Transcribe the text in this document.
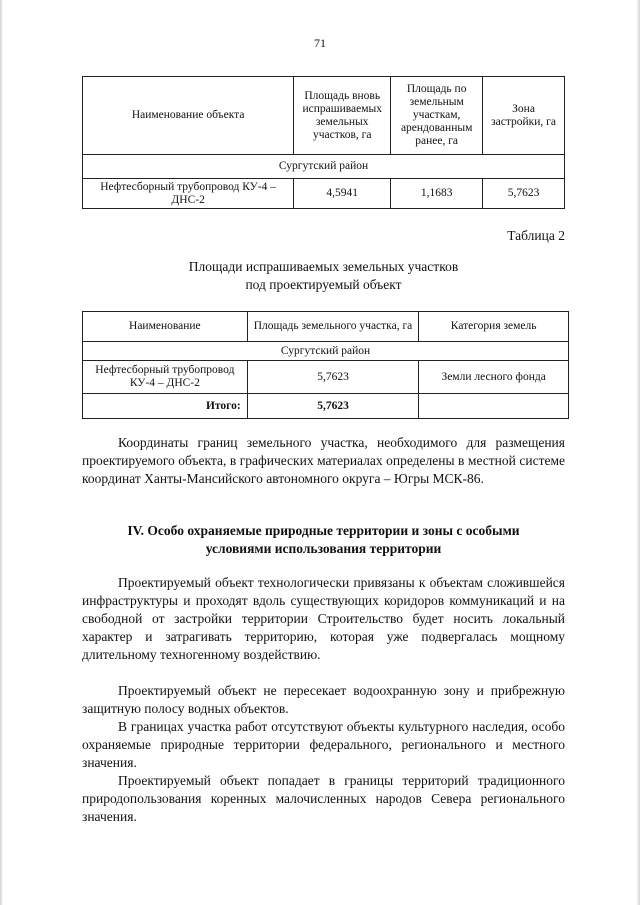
71
Наименование объекта	Площадь вновь испрашиваемых земельных участков, га	Площадь по земельным участкам, арендованным ранее, га	Зона застройки, га
Сургутский район			
Нефтесборный трубопровод КУ-4 – ДНС-2	4,5941	1,1683	5,7623
Таблица 2
Площади испрашиваемых земельных участков
под проектируемый объект
Наименование	Площадь земельного участка, га	Категория земель
Сургутский район		
Нефтесборный трубопровод КУ-4 – ДНС-2	5,7623	Земли лесного фонда
Итого:	5,7623	

Координаты границ земельного участка, необходимого для размещения проектируемого объекта, в графических материалах определены в местной системе координат Ханты-Мансийского автономного округа – Югры МСК-86.

IV. Особо охраняемые природные территории и зоны с особыми
условиями использования территории

Проектируемый объект технологически привязаны к объектам сложившейся инфраструктуры и проходят вдоль существующих коридоров коммуникаций и на свободной от застройки территории Строительство будет носить локальный характер и затрагивать территорию, которая уже подвергалась мощному длительному техногенному воздействию.

Проектируемый объект не пересекает водоохранную зону и прибрежную защитную полосу водных объектов.

В границах участка работ отсутствуют объекты культурного наследия, особо охраняемые природные территории федерального, регионального и местного значения.

Проектируемый объект попадает в границы территорий традиционного природопользования коренных малочисленных народов Севера регионального значения.
